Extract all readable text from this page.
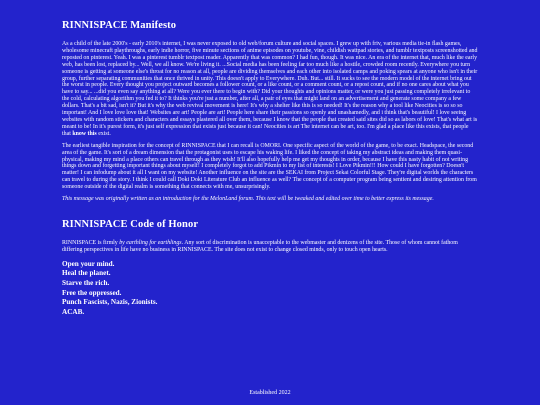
RINNISPACE Manifesto

As a child of the late 2000's - early 2010's internet, I was never exposed to old web/forum culture and social spaces. I grew up with friv, various media tie-in flash games, wholesome minecraft playthroughs, early indie horror, five minute sections of anime episodes on youtube, vine, childish wattpad stories, and tumblr textposts screenshotted and reposted on pinterest. Yeah. I was a pinterest tumblr textpost reader. Apparently that was common? I had fun, though. It was nice. An era of the internet that, much like the early web, has been lost, replaced by... Well, we all know. We're living it. ...Social media has been feeling far too much like a hostile, crowded room recently. Everywhere you turn someone is getting at someone else's throat for no reason at all, people are dividing themselves and each other into isolated camps and poking spears at anyone who isn't in their group, further separating communities that once thrived in unity. This doesn't apply to Everywhere. Duh. But... still. It sucks to see the modern model of the internet bring out the worst in people. Every thought you project outward becomes a follower count, or a like count, or a comment count, or a repost count, and if no one cares about what you have to say... ...did you even say anything at all? Were you ever there to begin with? Did your thoughts and opinions matter, or were you just passing completely irrelevant to the cold, calculating algorithm you fed it to? It thinks you're just a number, after all, a pair of eyes that might land on an advertisement and generate some company a few dollars. That's a bit sad, isn't it? But it's why the web revival movement is here! It's why a shelter like this is so needed! It's the reason why a tool like Neocities is so so so important! And I love love love that! Websites are art! People are art! People here share their passions so openly and unashamedly, and i think that's beautiful! I love seeing websites with random stickers and characters and essays plastered all over them, because I know that the people that created said sites did so as labors of love! That's what art is meant to be! In it's purest form, it's just self expression that exists just because it can! Neocities is art The internet can be art, too. I'm glad a place like this exists, that people that know this exist.

The earliest tangible inspiration for the concept of RINNISPACE that I can recall is OMORI. One specific aspect of the world of the game, to be exact. Headspace, the second area of the game. It's sort of a dream dimension that the protagonist uses to escape his waking life. I liked the concept of taking my abstract ideas and making them quasi-physical, making my mind a place others can travel through as they wish! It'll also hopefully help me get my thoughts in order, because I have this nasty habit of not writing things down and forgetting important things about myself! I completely forgot to add Pikmin to my list of interests! I Love Pikmin!!! How could I have forgotten? Doesn't matter! I can infodump about it all I want on my website! Another influence on the site are the SEKAI from Project Sekai Colorful Stage. They're digital worlds the characters can travel to during the story. I think I could call Doki Doki Literature Club an influence as well? The concept of a computer program being sentient and desiring attention from someone outside of the digital realm is something that connects with me, unsurprisingly.

This message was originally written as an introduction for the MelonLand forum. This text will be tweaked and edited over time to better express its message.

RINNISPACE Code of Honor

RINNISPACE is firmly by earthling for earthlings. Any sort of discrimination is unacceptable to the webmaster and denizens of the site. Those of whom cannot fathom differing perspectives in life have no business in RINNISPACE. The site does not exist to change closed minds, only to touch open hearts.

Open your mind.
Heal the planet.
Starve the rich.
Free the oppressed.
Punch Fascists, Nazis, Zionists.
ACAB.
Established 2022
